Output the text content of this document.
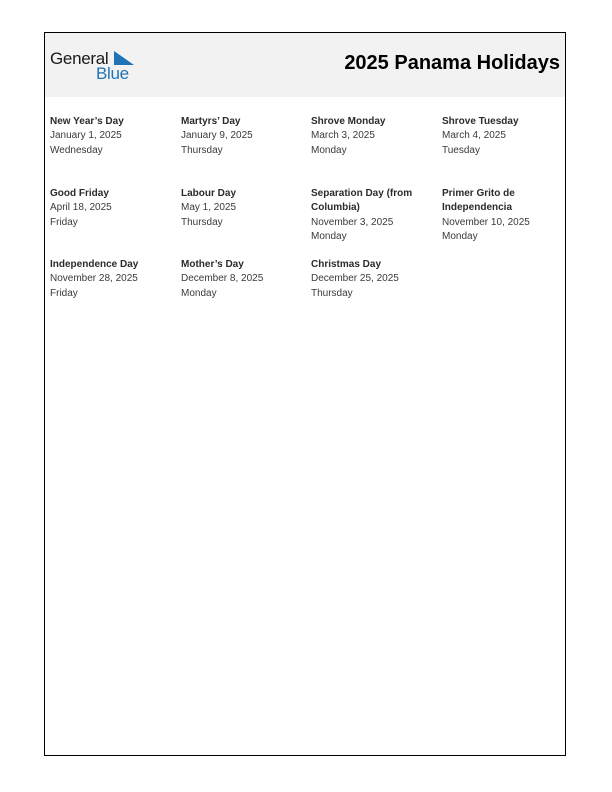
General
Blue	2025 Panama Holidays
New Year’s Day
January 1, 2025
Wednesday
Martyrs’ Day
January 9, 2025
Thursday
Shrove Monday
March 3, 2025
Monday
Shrove Tuesday
March 4, 2025
Tuesday
Good Friday
April 18, 2025
Friday
Labour Day
May 1, 2025
Thursday
Separation Day (from Columbia)
November 3, 2025
Monday
Primer Grito de Independencia
November 10, 2025
Monday
Independence Day
November 28, 2025
Friday
Mother’s Day
December 8, 2025
Monday
Christmas Day
December 25, 2025
Thursday
